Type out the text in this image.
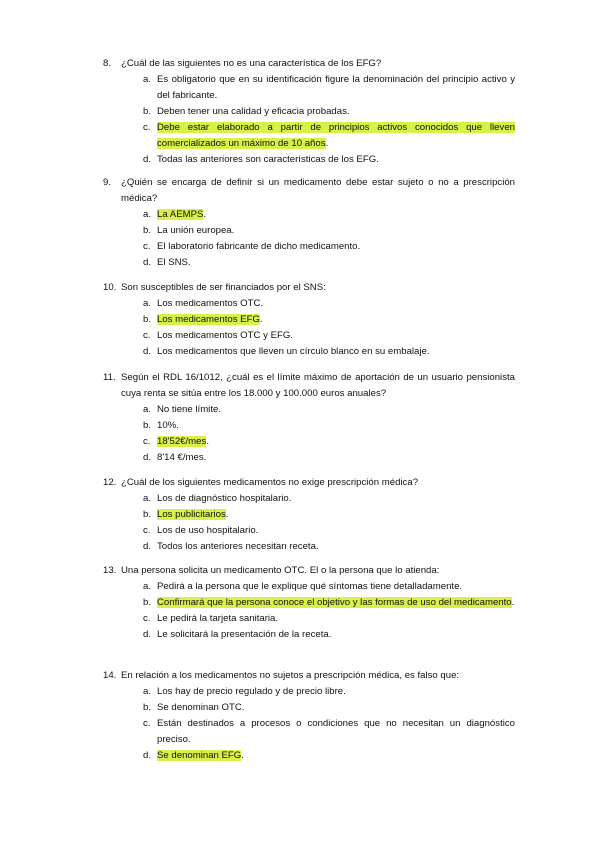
8. ¿Cuál de las siguientes no es una característica de los EFG?
a. Es obligatorio que en su identificación figure la denominación del principio activo y del fabricante.
b. Deben tener una calidad y eficacia probadas.
c. Debe estar elaborado a partir de principios activos conocidos que lleven comercializados un máximo de 10 años.
d. Todas las anteriores son características de los EFG.
9. ¿Quién se encarga de definir si un medicamento debe estar sujeto o no a prescripción médica?
a. La AEMPS.
b. La unión europea.
c. El laboratorio fabricante de dicho medicamento.
d. El SNS.
10. Son susceptibles de ser financiados por el SNS:
a. Los medicamentos OTC.
b. Los medicamentos EFG.
c. Los medicamentos OTC y EFG.
d. Los medicamentos que lleven un círculo blanco en su embalaje.
11. Según el RDL 16/1012, ¿cuál es el límite máximo de aportación de un usuario pensionista cuya renta se sitúa entre los 18.000 y 100.000 euros anuales?
a. No tiene límite.
b. 10%.
c. 18'52€/mes.
d. 8'14 €/mes.
12. ¿Cuál de los siguientes medicamentos no exige prescripción médica?
a. Los de diagnóstico hospitalario.
b. Los publicitarios.
c. Los de uso hospitalario.
d. Todos los anteriores necesitan receta.
13. Una persona solicita un medicamento OTC. El o la persona que lo atienda:
a. Pedirá a la persona que le explique qué síntomas tiene detalladamente.
b. Confirmará que la persona conoce el objetivo y las formas de uso del medicamento.
c. Le pedirá la tarjeta sanitaria.
d. Le solicitará la presentación de la receta.
14. En relación a los medicamentos no sujetos a prescripción médica, es falso que:
a. Los hay de precio regulado y de precio libre.
b. Se denominan OTC.
c. Están destinados a procesos o condiciones que no necesitan un diagnóstico preciso.
d. Se denominan EFG.
